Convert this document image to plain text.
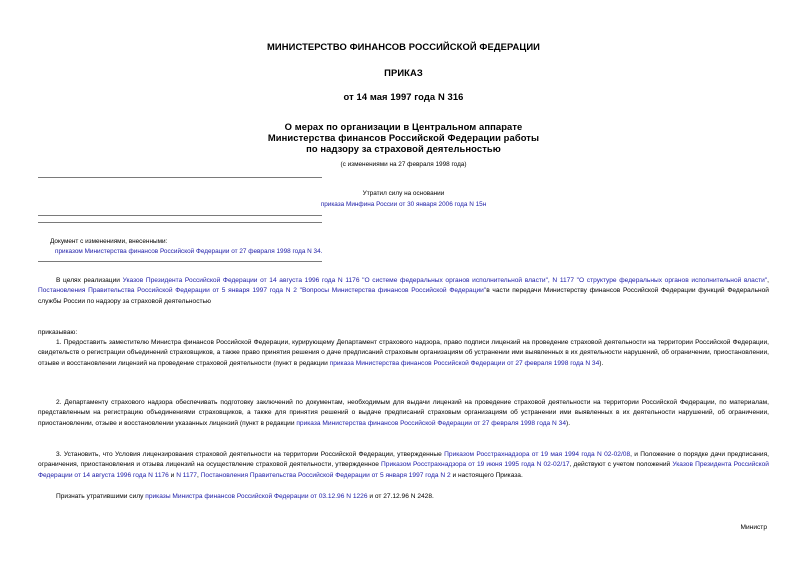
МИНИСТЕРСТВО ФИНАНСОВ РОССИЙСКОЙ ФЕДЕРАЦИИ
ПРИКАЗ
от 14 мая 1997 года N 316
О мерах по организации в Центральном аппарате
Министерства финансов Российской Федерации работы
по надзору за страховой деятельностью
(с изменениями на 27 февраля 1998 года)
Утратил силу на основании
приказа Минфина России от 30 января 2006 года N 15н
Документ с изменениями, внесенными:
приказом Министерства финансов Российской Федерации от 27 февраля 1998 года N 34.
В целях реализации Указов Президента Российской Федерации от 14 августа 1996 года N 1176 "О системе федеральных органов исполнительной власти", N 1177 "О структуре федеральных органов исполнительной власти", Постановления Правительства Российской Федерации от 5 января 1997 года N 2 "Вопросы Министерства финансов Российской Федерации"в части передачи Министерству финансов Российской Федерации функций Федеральной службы России по надзору за страховой деятельностью
приказываю:
1. Предоставить заместителю Министра финансов Российской Федерации, курирующему Департамент страхового надзора, право подписи лицензий на проведение страховой деятельности на территории Российской Федерации, свидетельств о регистрации объединений страховщиков, а также право принятия решения о даче предписаний страховым организациям об устранении ими выявленных в их деятельности нарушений, об ограничении, приостановлении, отзыве и восстановлении лицензий на проведение страховой деятельности (пункт в редакции приказа Министерства финансов Российской Федерации от 27 февраля 1998 года N 34).
2. Департаменту страхового надзора обеспечивать подготовку заключений по документам, необходимым для выдачи лицензий на проведение страховой деятельности на территории Российской Федерации, по материалам, представленным на регистрацию объединениями страховщиков, а также для принятия решений о выдаче предписаний страховым организациям об устранении ими выявленных в их деятельности нарушений, об ограничении, приостановлении, отзыве и восстановлении указанных лицензий (пункт в редакции приказа Министерства финансов Российской Федерации от 27 февраля 1998 года N 34).
3. Установить, что Условия лицензирования страховой деятельности на территории Российской Федерации, утвержденные Приказом Росстрахнадзора от 19 мая 1994 года N 02-02/08, и Положение о порядке дачи предписания, ограничения, приостановления и отзыва лицензий на осуществление страховой деятельности, утвержденное Приказом Росстрахнадзора от 19 июня 1995 года N 02-02/17, действуют с учетом положений Указов Президента Российской Федерации от 14 августа 1996 года N 1176 и N 1177, Постановления Правительства Российской Федерации от 5 января 1997 года N 2 и настоящего Приказа.
Признать утратившими силу приказы Министра финансов Российской Федерации от 03.12.96 N 1226 и от 27.12.96 N 2428.
Министр
